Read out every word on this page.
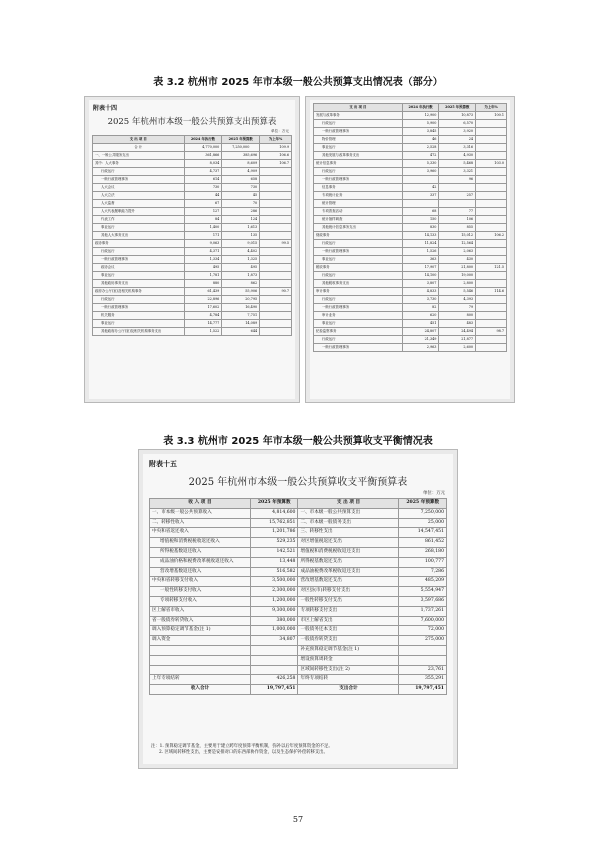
表 3.2 杭州市 2025 年市本级一般公共预算支出情况表（部分）
附表十四
2025 年杭州市本级一般公共预算支出预算表
单位：万元
支 出 项 目	2024 年执行数	2025 年预算数	为上年%
合 计	4,770,000	7,250,000	109.9
一、一般公共服务支出	361,866	385,696	106.6
其中：人大事务	8,034	8,609	106.7
行政运行	4,737	4,909	
一般行政管理事务	614	658	
人大会议	730	730	
人大立法	44	45	
人大监督	67	70	
人大代表履职能力提升	127	286	
代表工作	84	124	
事业运行	1,400	1,613	
其他人大事务支出	171	135	
政协事务	9,063	9,015	99.5
行政运行	4,371	4,402	
一般行政管理事务	1,334	1,325	
政协会议	495	495	
事业运行	1,781	1,873	
其他政协事务支出	880	862	
政府办公厅(室)及相关机构事务	61,439	55,906	90.7
行政运行	22,896	20,795	
一般行政管理事务	17,602	16,490	
机关服务	4,784	7,751	
事业运行	14,777	14,089	
其他政府办公厅(室)及相关机构事务支出	1,522	644	
支 出 项 目	2024 年执行数	2025 年预算数	为上年%
发展与改革事务	12,900	10,873	100.1
行政运行	5,900	6,570	
一般行政管理事务	3,845	3,920	
物价管理	46	24	
事业运行	2,528	3,316	
其他发展与改革事务支出	472	4,930	
统计信息事务	5,330	5,468	103.0
行政运行	3,960	3,321	
一般行政管理事务		96	
信息事务	42		
专项统计业务	337	257	
统计管理			
专项普查活动	68	77	
统计抽样调查	150	106	
其他统计信息事务支出	830	855	
财政事务	14,133	15,012	106.2
行政运行	11,824	12,564	
一般行政管理事务	1,526	2,063	
事业运行	363	430	
税收事务	17,907	21,800	121.5
行政运行	14,100	19,000	
其他税收事务支出	3,807	2,800	
审计事务	4,833	5,546	114.6
行政运行	3,730	4,393	
一般行政管理事务	82	79	
审计业务	620	800	
事业运行	451	483	
纪检监察事务	24,807	24,494	98.7
行政运行	21,349	21,877	
一般行政管理事务	2,963	2,600	
表 3.3 杭州市 2025 年市本级一般公共预算收支平衡情况表
附表十五
2025 年杭州市本级一般公共预算收支平衡预算表
单位：万元
收 入 项 目	2025 年预算数	支 出 项 目	2025 年预算数
一、市本级一般公共预算收入	4,814,600	一、市本级一般公共预算支出	7,250,000
二、转移性收入	15,762,851	二、市本级一般债务支出	25,000
中央和省返还收入	1,201,786	三、转移性支出	14,547,451
增值税和消费税税收返还收入	529,235	对区增值税返还支出	861,452
所得税基数返还收入	142,521	增值税和消费税税收返还支出	268,180
成品油价格和税费改革税收返还收入	13,448	所得税基数返还支出	100,777
营改增基数返还收入	516,582	成品油税费改革税收返还支出	7,286
中央和省转移支付收入	3,500,000	营改增基数返还支出	485,209
一般性转移支付收入	2,300,000	对区县(市)转移支付支出	5,554,947
专项转移支付收入	1,200,000	一般性转移支付支出	3,597,686
区上解省市收入	9,300,000	专项转移支付支出	1,737,261
省一般债券转贷收入	380,000	市区上解省支出	7,600,000
调入预算稳定调节基金(注 1)	1,000,000	一般债务还本支出	72,000
调入资金	34,807	一般债券转贷支出	275,000
		补充预算稳定调节基金(注 1)	
		增设预算周转金	
		区域间转移性支出(注 2)	23,761
上年专项结转	426,258	年终专项结转	355,291
收入合计	19,797,451	支出合计	19,797,451
注：1. 预算稳定调节基金，主要用于建立跨年度预算平衡机制，弥补以后年度预算资金的不足。
2. 区域间转移性支出，主要是安排对口的东西部协作资金，以及生态保护补偿转移支出。
57
